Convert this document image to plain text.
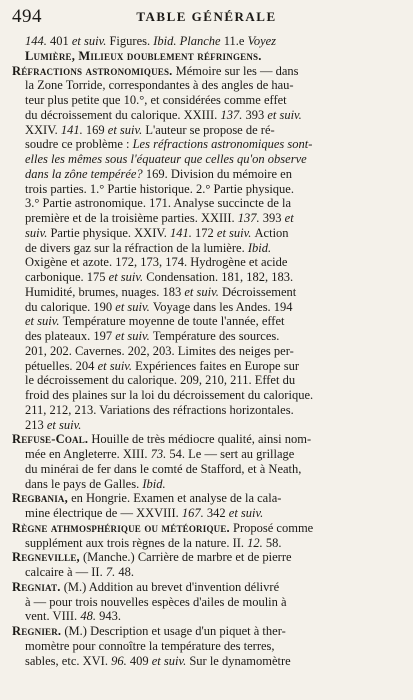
494	TABLE GÉNÉRALE
144. 401 et suiv. Figures. Ibid. Planche 11.e Voyez
Lumière, Milieux doublement réfringens.
Réfractions astronomiques. Mémoire sur les — dans
la Zone Torride, correspondantes à des angles de hau-
teur plus petite que 10.°, et considérées comme effet
du décroissement du calorique. XXIII. 137. 393 et suiv.
XXIV. 141. 169 et suiv. L'auteur se propose de ré-
soudre ce problème : Les réfractions astronomiques sont-
elles les mêmes sous l'équateur que celles qu'on observe
dans la zône tempérée? 169. Division du mémoire en
trois parties. 1.° Partie historique. 2.° Partie physique.
3.° Partie astronomique. 171. Analyse succincte de la
première et de la troisième parties. XXIII. 137. 393 et
suiv. Partie physique. XXIV. 141. 172 et suiv. Action
de divers gaz sur la réfraction de la lumière. Ibid.
Oxigène et azote. 172, 173, 174. Hydrogène et acide
carbonique. 175 et suiv. Condensation. 181, 182, 183.
Humidité, brumes, nuages. 183 et suiv. Décroissement
du calorique. 190 et suiv. Voyage dans les Andes. 194
et suiv. Température moyenne de toute l'année, effet
des plateaux. 197 et suiv. Température des sources.
201, 202. Cavernes. 202, 203. Limites des neiges per-
pétuelles. 204 et suiv. Expériences faites en Europe sur
le décroissement du calorique. 209, 210, 211. Effet du
froid des plaines sur la loi du décroissement du calorique.
211, 212, 213. Variations des réfractions horizontales.
213 et suiv.
Refuse-Coal. Houille de très médiocre qualité, ainsi nom-
mée en Angleterre. XIII. 73. 54. Le — sert au grillage
du minérai de fer dans le comté de Stafford, et à Neath,
dans le pays de Galles. Ibid.
Regbania, en Hongrie. Examen et analyse de la cala-
mine électrique de — XXVIII. 167. 342 et suiv.
Règne athmosphérique ou météorique. Proposé comme
supplément aux trois règnes de la nature. II. 12. 58.
Regneville, (Manche.) Carrière de marbre et de pierre
calcaire à — II. 7. 48.
Regniat. (M.) Addition au brevet d'invention délivré
à — pour trois nouvelles espèces d'ailes de moulin à
vent. VIII. 48. 943.
Regnier. (M.) Description et usage d'un piquet à ther-
momètre pour connoître la température des terres,
sables, etc. XVI. 96. 409 et suiv. Sur le dynamomètre
